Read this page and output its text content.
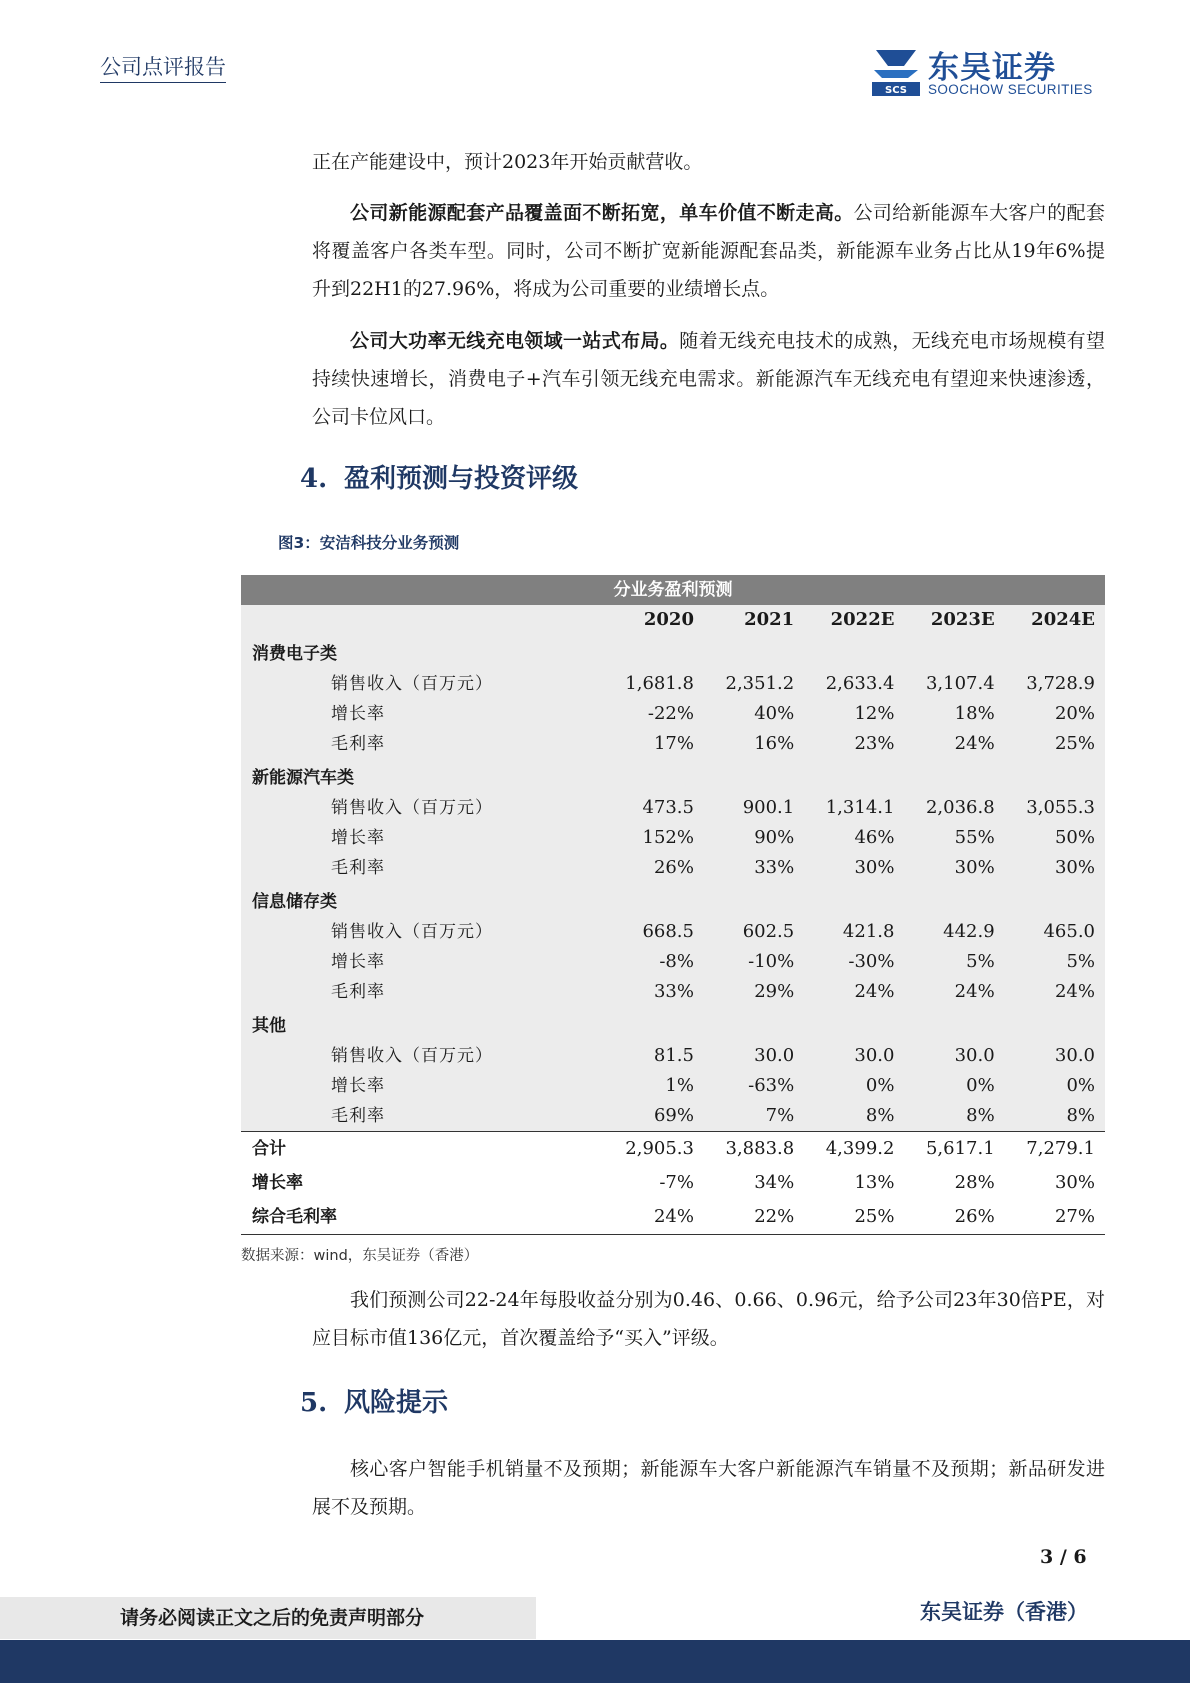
公司点评报告
SCS
东吴证券
SOOCHOW SECURITIES
正在产能建设中，预计2023年开始贡献营收。
公司新能源配套产品覆盖面不断拓宽，单车价值不断走高。公司给新能源车大客户的配套将覆盖客户各类车型。同时，公司不断扩宽新能源配套品类，新能源车业务占比从19年6%提升到22H1的27.96%，将成为公司重要的业绩增长点。
公司大功率无线充电领域一站式布局。随着无线充电技术的成熟，无线充电市场规模有望持续快速增长，消费电子+汽车引领无线充电需求。新能源汽车无线充电有望迎来快速渗透，公司卡位风口。
4. 盈利预测与投资评级
图3：安洁科技分业务预测
分业务盈利预测					
	2020	2021	2022E	2023E	2024E
消费电子类					
销售收入（百万元）	1,681.8	2,351.2	2,633.4	3,107.4	3,728.9
增长率	-22%	40%	12%	18%	20%
毛利率	17%	16%	23%	24%	25%
新能源汽车类					
销售收入（百万元）	473.5	900.1	1,314.1	2,036.8	3,055.3
增长率	152%	90%	46%	55%	50%
毛利率	26%	33%	30%	30%	30%
信息储存类					
销售收入（百万元）	668.5	602.5	421.8	442.9	465.0
增长率	-8%	-10%	-30%	5%	5%
毛利率	33%	29%	24%	24%	24%
其他					
销售收入（百万元）	81.5	30.0	30.0	30.0	30.0
增长率	1%	-63%	0%	0%	0%
毛利率	69%	7%	8%	8%	8%
合计	2,905.3	3,883.8	4,399.2	5,617.1	7,279.1
增长率	-7%	34%	13%	28%	30%
综合毛利率	24%	22%	25%	26%	27%
数据来源：wind，东吴证券（香港）
我们预测公司22-24年每股收益分别为0.46、0.66、0.96元，给予公司23年30倍PE，对应目标市值136亿元，首次覆盖给予“买入”评级。
5. 风险提示
核心客户智能手机销量不及预期；新能源车大客户新能源汽车销量不及预期；新品研发进展不及预期。
3 / 6
请务必阅读正文之后的免责声明部分	东吴证券（香港）
